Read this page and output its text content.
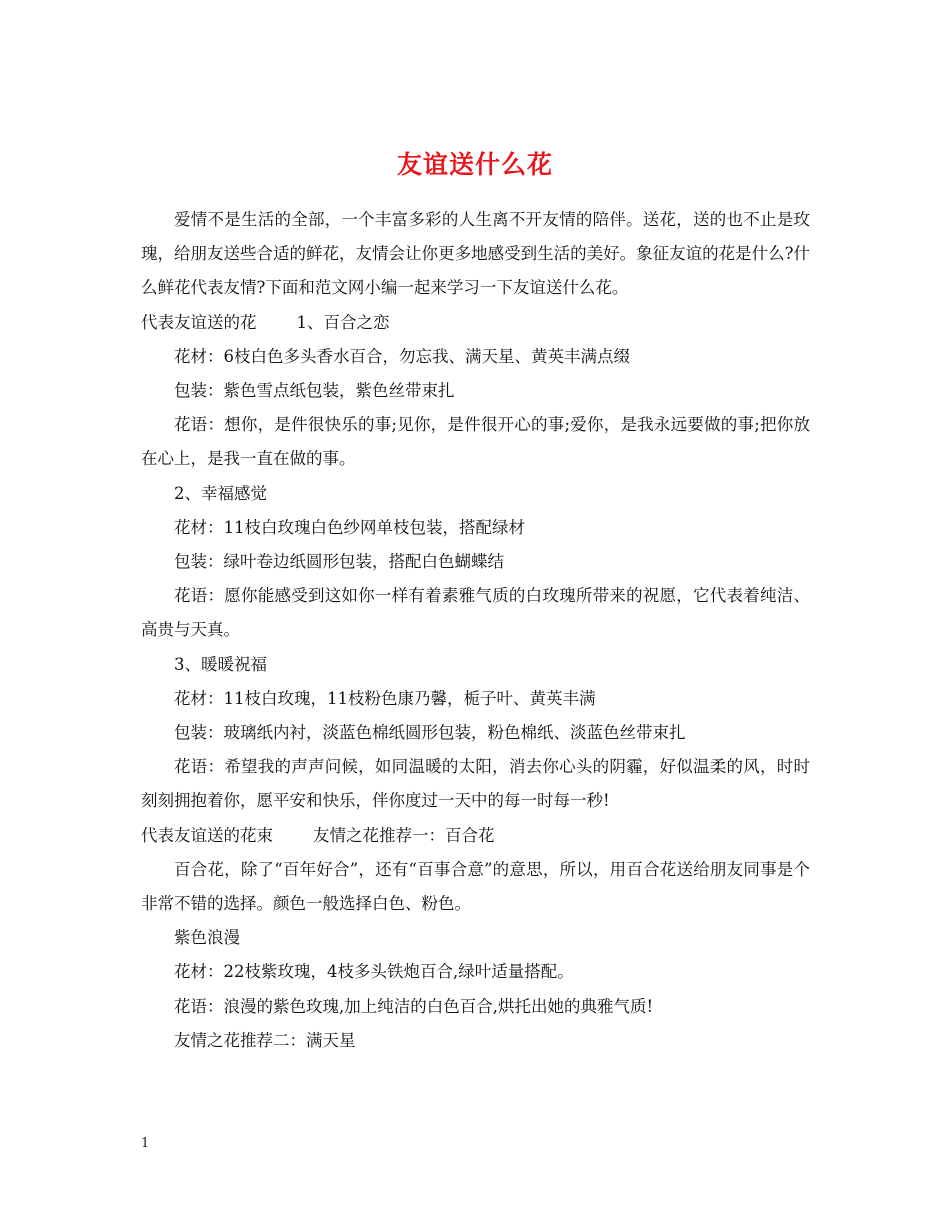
友谊送什么花

爱情不是生活的全部，一个丰富多彩的人生离不开友情的陪伴。送花，送的也不止是玫瑰，给朋友送些合适的鲜花，友情会让你更多地感受到生活的美好。象征友谊的花是什么?什么鲜花代表友情?下面和范文网小编一起来学习一下友谊送什么花。

代表友谊送的花 1、百合之恋

花材：6枝白色多头香水百合，勿忘我、满天星、黄英丰满点缀

包装：紫色雪点纸包装，紫色丝带束扎

花语：想你，是件很快乐的事;见你，是件很开心的事;爱你，是我永远要做的事;把你放在心上，是我一直在做的事。

2、幸福感觉

花材：11枝白玫瑰白色纱网单枝包装，搭配绿材

包装：绿叶卷边纸圆形包装，搭配白色蝴蝶结

花语：愿你能感受到这如你一样有着素雅气质的白玫瑰所带来的祝愿，它代表着纯洁、高贵与天真。

3、暖暖祝福

花材：11枝白玫瑰，11枝粉色康乃馨，栀子叶、黄英丰满

包装：玻璃纸内衬，淡蓝色棉纸圆形包装，粉色棉纸、淡蓝色丝带束扎

花语：希望我的声声问候，如同温暖的太阳，消去你心头的阴霾，好似温柔的风，时时刻刻拥抱着你，愿平安和快乐，伴你度过一天中的每一时每一秒!

代表友谊送的花束 友情之花推荐一：百合花

百合花，除了“百年好合”，还有“百事合意”的意思，所以，用百合花送给朋友同事是个非常不错的选择。颜色一般选择白色、粉色。

紫色浪漫

花材：22枝紫玫瑰，4枝多头铁炮百合,绿叶适量搭配。

花语：浪漫的紫色玫瑰,加上纯洁的白色百合,烘托出她的典雅气质!

友情之花推荐二：满天星

1
